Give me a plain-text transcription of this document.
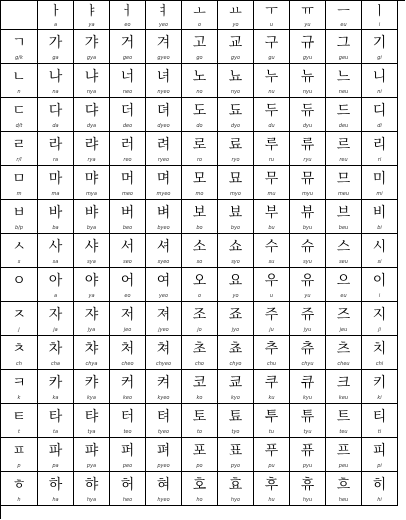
ㅏ
a
ㅑ
ya
ㅓ
eo
ㅕ
yeo
ㅗ
o
ㅛ
yo
ㅜ
u
ㅠ
yu
ㅡ
eu
ㅣ
i
ㄱ
g/k
가
ga
갸
gya
거
geo
겨
gyeo
고
go
교
gyo
구
gu
규
gyu
그
geu
기
gi
ㄴ
n
나
na
냐
nya
너
neo
녀
nyeo
노
no
뇨
nyo
누
nu
뉴
nyu
느
neu
니
ni
ㄷ
d/t
다
da
댜
dya
더
deo
뎌
dyeo
도
do
됴
dyo
두
du
듀
dyu
드
deu
디
di
ㄹ
r/l
라
ra
랴
rya
러
reo
려
ryeo
로
ro
료
ryo
루
ru
류
ryu
르
reu
리
ri
ㅁ
m
마
ma
먀
mya
머
meo
며
myeo
모
mo
묘
myo
무
mu
뮤
myu
므
meu
미
mi
ㅂ
b/p
바
ba
뱌
bya
버
beo
벼
byeo
보
bo
뵤
byo
부
bu
뷰
byu
브
beu
비
bi
ㅅ
s
사
sa
샤
sya
서
seo
셔
syeo
소
so
쇼
syo
수
su
슈
syu
스
seu
시
si
ㅇ	아
a
야
ya
어
eo
여
yeo
오
o
요
yo
우
u
유
yu
으
eu
이
i
ㅈ
j
자
ja
쟈
jya
저
jeo
져
jyeo
조
jo
죠
jyo
주
ju
쥬
jyu
즈
jeu
지
ji
ㅊ
ch
차
cha
챠
chya
처
cheo
쳐
chyeo
초
cho
쵸
chyo
추
chu
츄
chyu
츠
cheu
치
chi
ㅋ
k
카
ka
캬
kya
커
keo
켜
kyeo
코
ko
쿄
kyo
쿠
ku
큐
kyu
크
keu
키
ki
ㅌ
t
타
ta
탸
tya
터
teo
텨
tyeo
토
to
툐
tyo
투
tu
튜
tyu
트
teu
티
ti
ㅍ
p
파
pa
퍄
pya
퍼
peo
펴
pyeo
포
po
표
pyo
푸
pu
퓨
pyu
프
peu
피
pi
ㅎ
h
하
ha
햐
hya
허
heo
혀
hyeo
호
ho
효
hyo
후
hu
휴
hyu
흐
heu
히
hi
